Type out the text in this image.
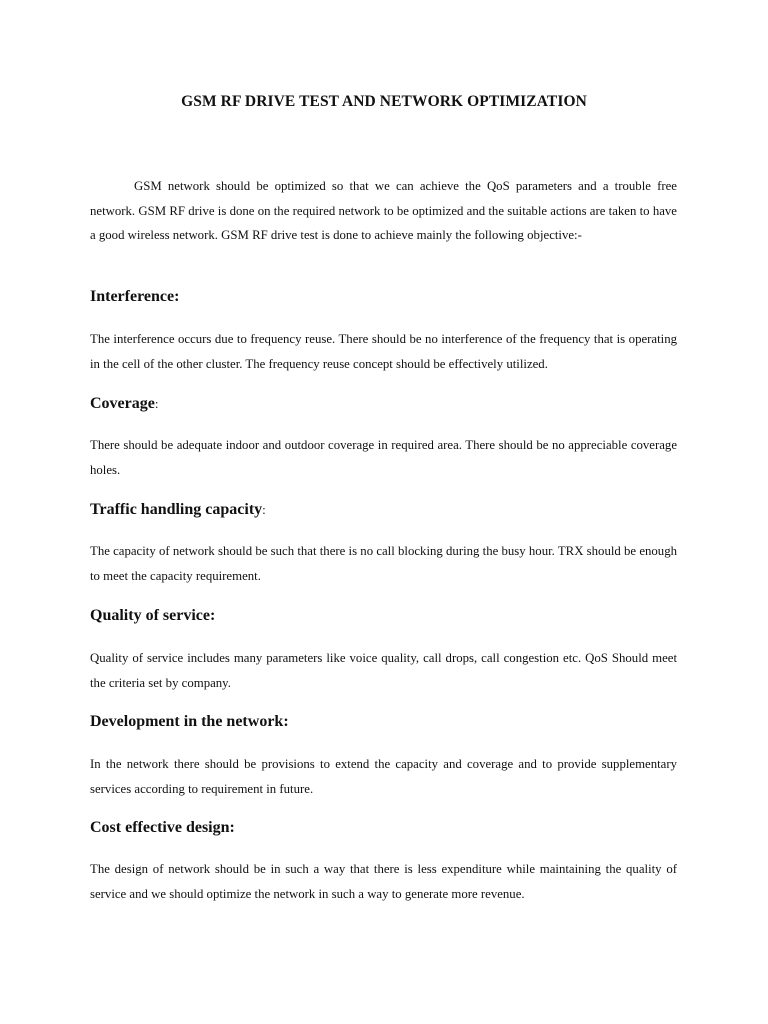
GSM RF DRIVE TEST AND NETWORK OPTIMIZATION

GSM network should be optimized so that we can achieve the QoS parameters and a trouble free network. GSM RF drive is done on the required network to be optimized and the suitable actions are taken to have a good wireless network. GSM RF drive test is done to achieve mainly the following objective:-

Interference:

The interference occurs due to frequency reuse. There should be no interference of the frequency that is operating in the cell of the other cluster. The frequency reuse concept should be effectively utilized.

Coverage:

There should be adequate indoor and outdoor coverage in required area. There should be no appreciable coverage holes.

Traffic handling capacity:

The capacity of network should be such that there is no call blocking during the busy hour. TRX should be enough to meet the capacity requirement.

Quality of service:

Quality of service includes many parameters like voice quality, call drops, call congestion etc. QoS Should meet the criteria set by company.

Development in the network:

In the network there should be provisions to extend the capacity and coverage and to provide supplementary services according to requirement in future.

Cost effective design:

The design of network should be in such a way that there is less expenditure while maintaining the quality of service and we should optimize the network in such a way to generate more revenue.
